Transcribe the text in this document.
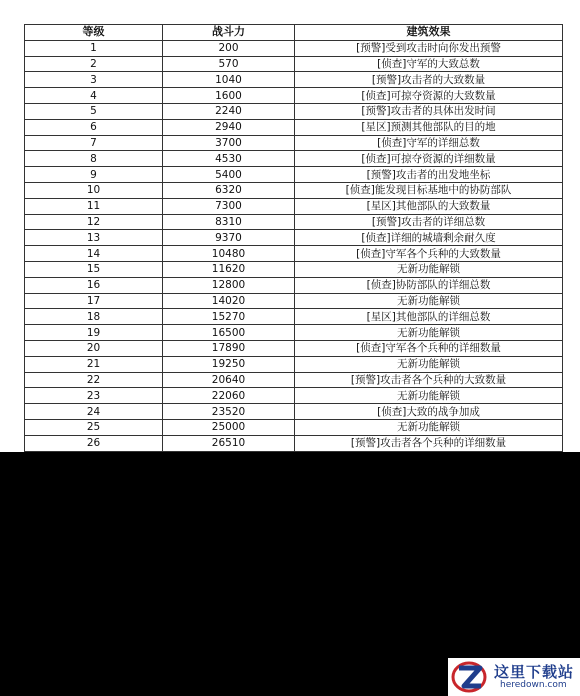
等级	战斗力	建筑效果
1	200	[预警]受到攻击时向你发出预警
2	570	[侦查]守军的大致总数
3	1040	[预警]攻击者的大致数量
4	1600	[侦查]可掠夺资源的大致数量
5	2240	[预警]攻击者的具体出发时间
6	2940	[星区]预测其他部队的目的地
7	3700	[侦查]守军的详细总数
8	4530	[侦查]可掠夺资源的详细数量
9	5400	[预警]攻击者的出发地坐标
10	6320	[侦查]能发现目标基地中的协防部队
11	7300	[星区]其他部队的大致数量
12	8310	[预警]攻击者的详细总数
13	9370	[侦查]详细的城墙剩余耐久度
14	10480	[侦查]守军各个兵种的大致数量
15	11620	无新功能解锁
16	12800	[侦查]协防部队的详细总数
17	14020	无新功能解锁
18	15270	[星区]其他部队的详细总数
19	16500	无新功能解锁
20	17890	[侦查]守军各个兵种的详细数量
21	19250	无新功能解锁
22	20640	[预警]攻击者各个兵种的大致数量
23	22060	无新功能解锁
24	23520	[侦查]大致的战争加成
25	25000	无新功能解锁
26	26510	[预警]攻击者各个兵种的详细数量
这里下载站
heredown.com
